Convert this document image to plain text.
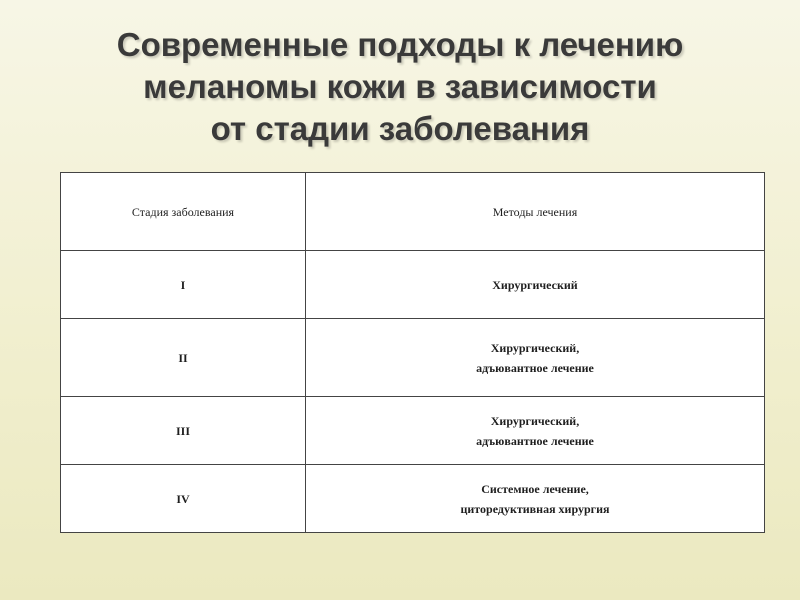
Современные подходы к лечению
меланомы кожи в зависимости
от стадии заболевания
Стадия заболевания	Методы лечения
I	Хирургический

II	Хирургический,
адъювантное лечение

III	Хирургический,
адъювантное лечение

IV	Системное лечение,
циторедуктивная хирургия
